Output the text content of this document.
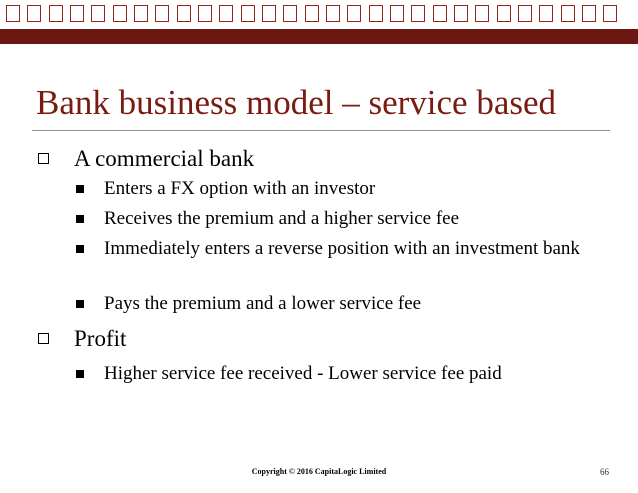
Bank business model – service based
A commercial bank
Enters a FX option with an investor
Receives the premium and a higher service fee
Immediately enters a reverse position with an investment bank
Pays the premium and a lower service fee
Profit
Higher service fee received - Lower service fee paid
Copyright © 2016 CapitaLogic Limited	66
